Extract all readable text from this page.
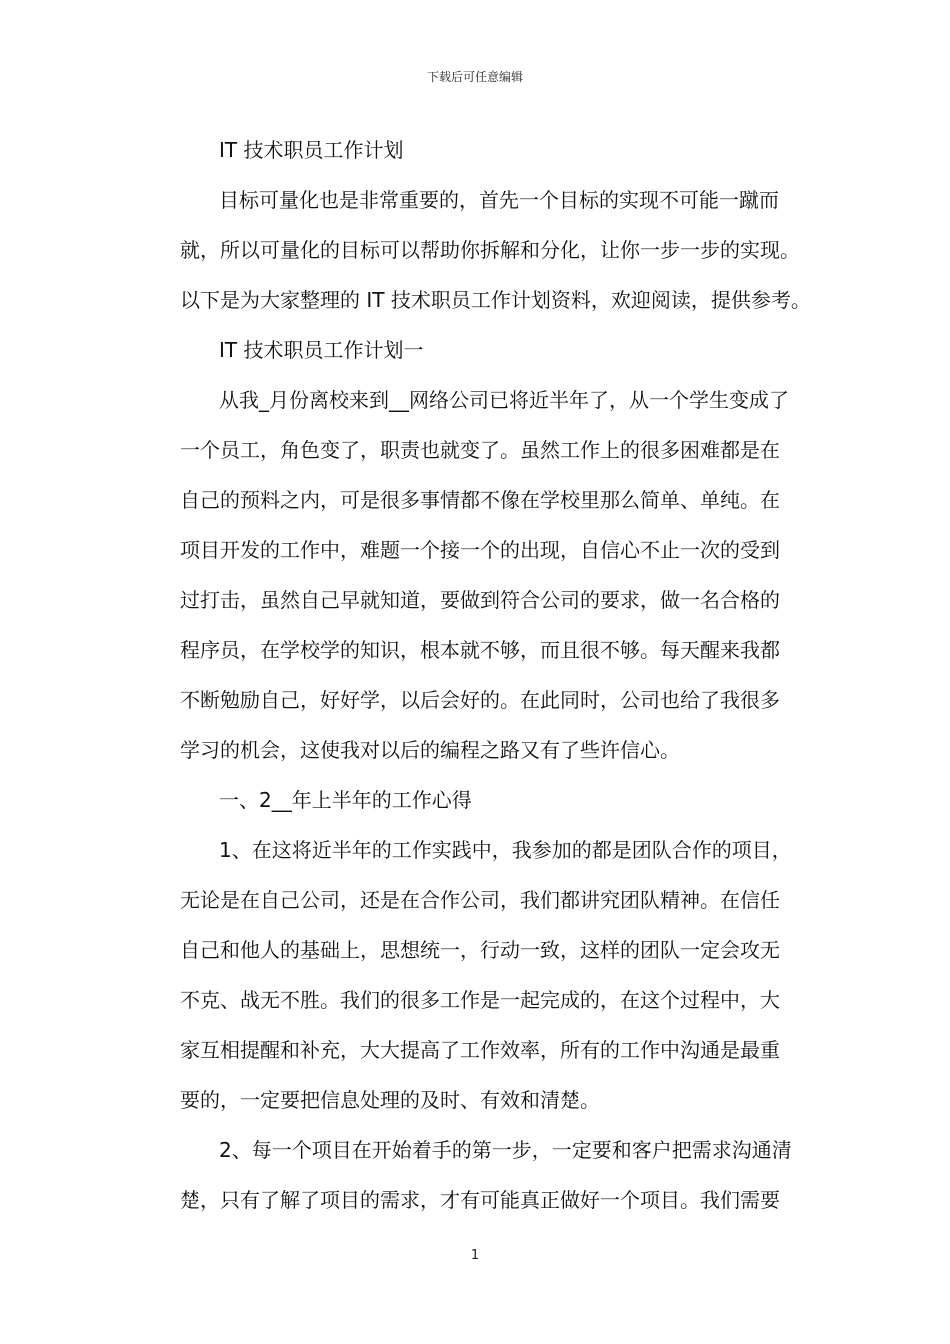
下载后可任意编辑

IT 技术职员工作计划

目标可量化也是非常重要的，首先一个目标的实现不可能一蹴而

就，所以可量化的目标可以帮助你拆解和分化，让你一步一步的实现。

以下是为大家整理的 IT 技术职员工作计划资料，欢迎阅读，提供参考。

IT 技术职员工作计划一

从我_月份离校来到__网络公司已将近半年了，从一个学生变成了

一个员工，角色变了，职责也就变了。虽然工作上的很多困难都是在

自己的预料之内，可是很多事情都不像在学校里那么简单、单纯。在

项目开发的工作中，难题一个接一个的出现，自信心不止一次的受到

过打击，虽然自己早就知道，要做到符合公司的要求，做一名合格的

程序员，在学校学的知识，根本就不够，而且很不够。每天醒来我都

不断勉励自己，好好学，以后会好的。在此同时，公司也给了我很多

学习的机会，这使我对以后的编程之路又有了些许信心。

一、2__年上半年的工作心得

1、在这将近半年的工作实践中，我参加的都是团队合作的项目，

无论是在自己公司，还是在合作公司，我们都讲究团队精神。在信任

自己和他人的基础上，思想统一，行动一致，这样的团队一定会攻无

不克、战无不胜。我们的很多工作是一起完成的，在这个过程中，大

家互相提醒和补充，大大提高了工作效率，所有的工作中沟通是最重

要的，一定要把信息处理的及时、有效和清楚。

2、每一个项目在开始着手的第一步，一定要和客户把需求沟通清

楚，只有了解了项目的需求，才有可能真正做好一个项目。我们需要

1
